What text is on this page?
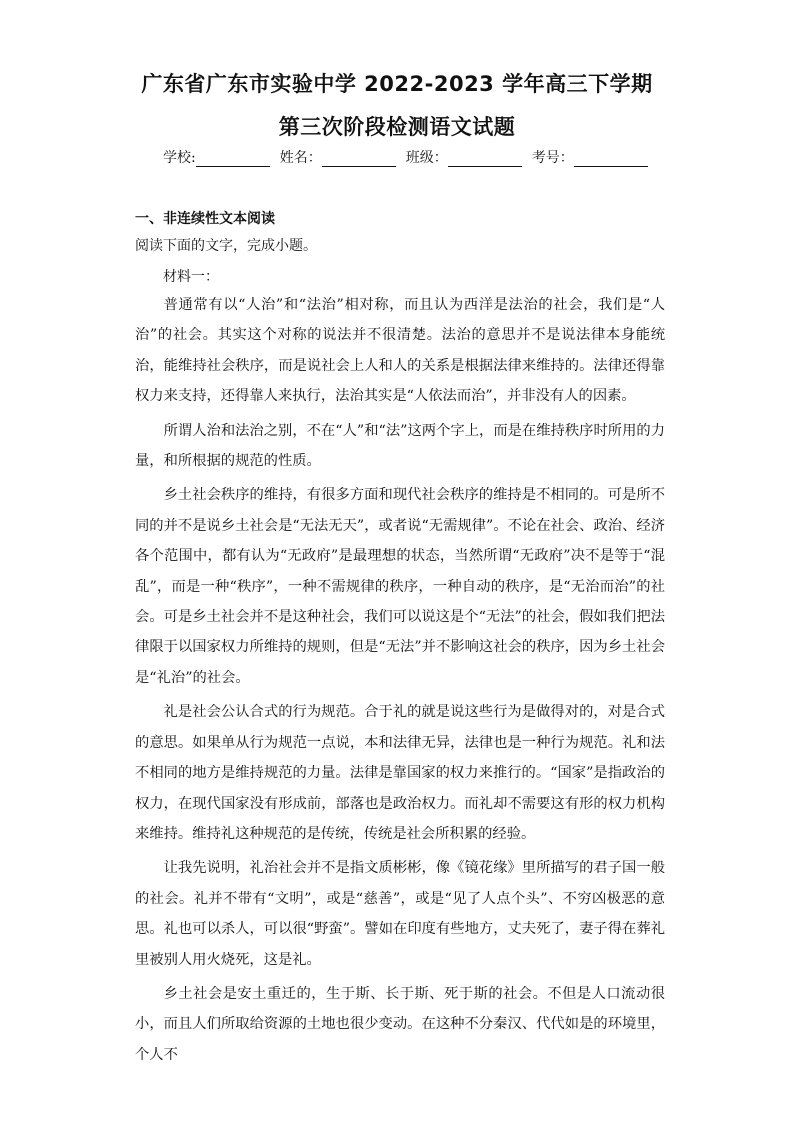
广东省广东市实验中学 2022-2023 学年高三下学期
第三次阶段检测语文试题
学校:	姓名：	班级：	考号：
一、非连续性文本阅读
阅读下面的文字，完成小题。
材料一：

普通常有以“人治”和“法治”相对称，而且认为西洋是法治的社会，我们是“人治”的社会。其实这个对称的说法并不很清楚。法治的意思并不是说法律本身能统治，能维持社会秩序，而是说社会上人和人的关系是根据法律来维持的。法律还得靠权力来支持，还得靠人来执行，法治其实是“人依法而治”，并非没有人的因素。

所谓人治和法治之别，不在“人”和“法”这两个字上，而是在维持秩序时所用的力量，和所根据的规范的性质。

乡土社会秩序的维持，有很多方面和现代社会秩序的维持是不相同的。可是所不同的并不是说乡土社会是“无法无天”，或者说“无需规律”。不论在社会、政治、经济各个范围中，都有认为“无政府”是最理想的状态，当然所谓“无政府”决不是等于“混乱”，而是一种“秩序”，一种不需规律的秩序，一种自动的秩序，是“无治而治”的社会。可是乡土社会并不是这种社会，我们可以说这是个“无法”的社会，假如我们把法律限于以国家权力所维持的规则，但是“无法”并不影响这社会的秩序，因为乡土社会是“礼治”的社会。

礼是社会公认合式的行为规范。合于礼的就是说这些行为是做得对的，对是合式的意思。如果单从行为规范一点说，本和法律无异，法律也是一种行为规范。礼和法不相同的地方是维持规范的力量。法律是靠国家的权力来推行的。“国家”是指政治的权力，在现代国家没有形成前，部落也是政治权力。而礼却不需要这有形的权力机构来维持。维持礼这种规范的是传统，传统是社会所积累的经验。

让我先说明，礼治社会并不是指文质彬彬，像《镜花缘》里所描写的君子国一般的社会。礼并不带有“文明”，或是“慈善”，或是“见了人点个头”、不穷凶极恶的意思。礼也可以杀人，可以很“野蛮”。譬如在印度有些地方，丈夫死了，妻子得在葬礼里被别人用火烧死，这是礼。

乡土社会是安土重迁的，生于斯、长于斯、死于斯的社会。不但是人口流动很小，而且人们所取给资源的土地也很少变动。在这种不分秦汉、代代如是的环境里，个人不
